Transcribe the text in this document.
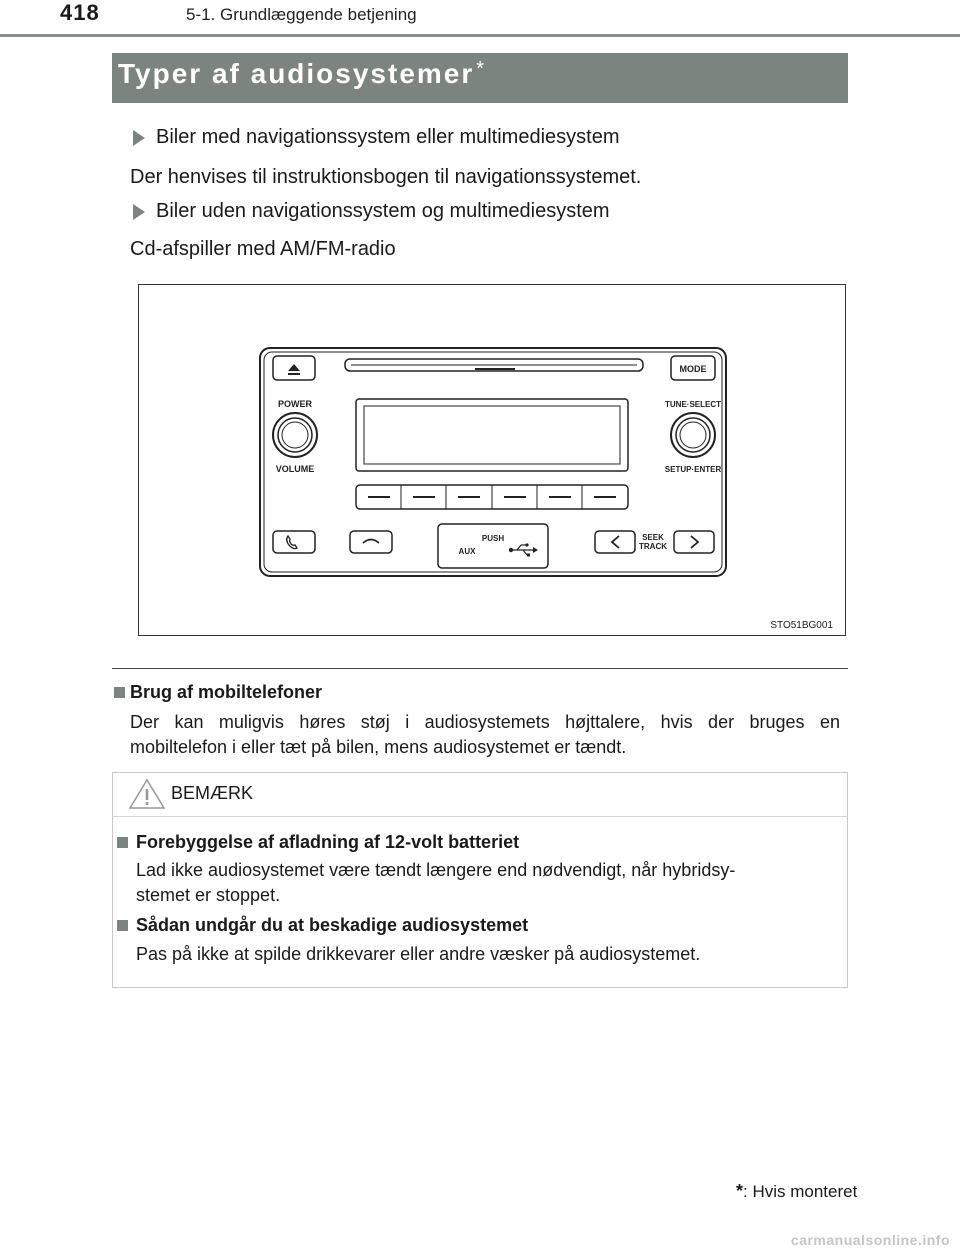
418	5-1. Grundlæggende betjening
Typer af audiosystemer *
Biler med navigationssystem eller multimediesystem
Der henvises til instruktionsbogen til navigationssystemet.
Biler uden navigationssystem og multimediesystem
Cd-afspiller med AM/FM-radio
MODE
POWER
VOLUME
TUNE·SELECT
SETUP·ENTER
PUSH
AUX
SEEK
TRACK
STO51BG001
Brug af mobiltelefoner
Der kan muligvis høres støj i audiosystemets højttalere, hvis der bruges en
mobiltelefon i eller tæt på bilen, mens audiosystemet er tændt.
BEMÆRK
Forebyggelse af afladning af 12-volt batteriet
Lad ikke audiosystemet være tændt længere end nødvendigt, når hybridsy-
stemet er stoppet.
Sådan undgår du at beskadige audiosystemet
Pas på ikke at spilde drikkevarer eller andre væsker på audiosystemet.
*: Hvis monteret
carmanualsonline.info
